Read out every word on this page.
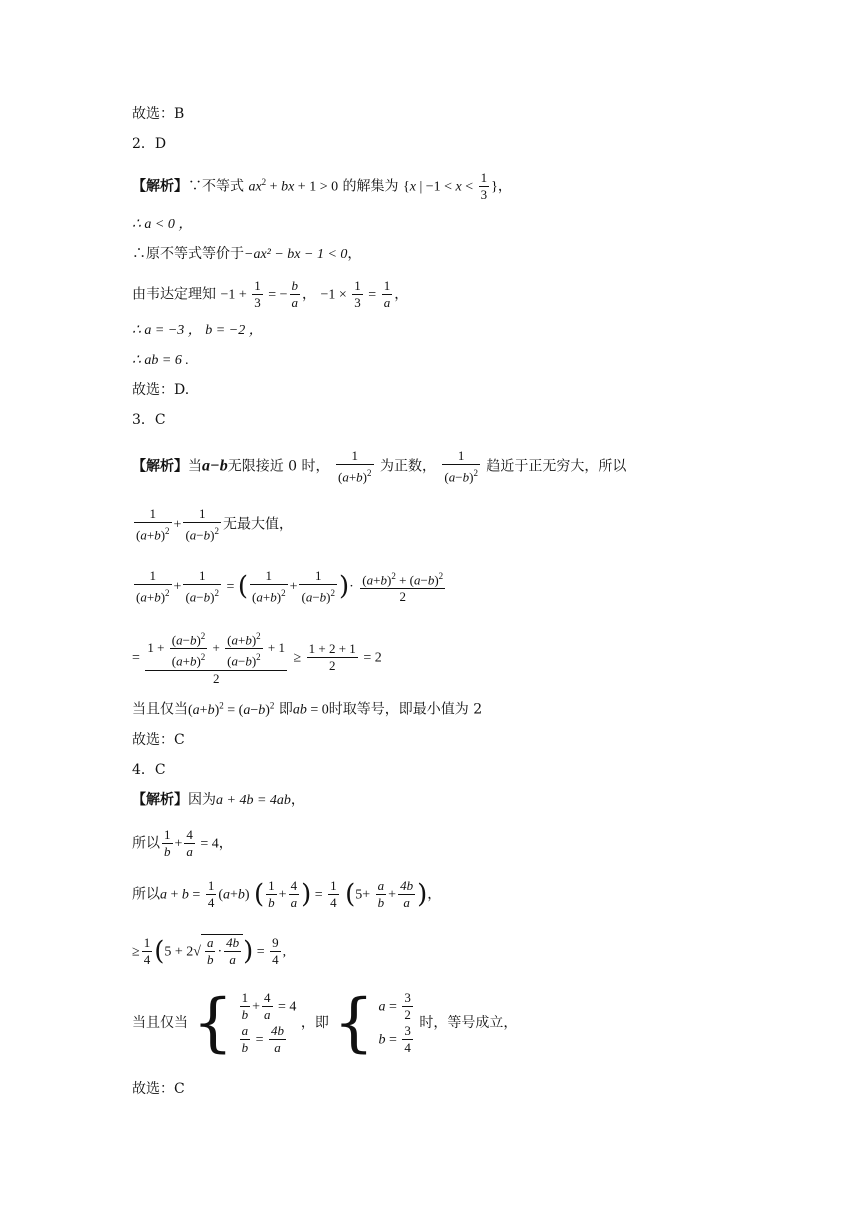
故选：B
2．D
【解析】∵不等式 $ax^2$ + bx + 1 > 0 的解集为 {x | $-1 < x < \frac{1}{3}$ }，
∴ a < 0 ，
∴原不等式等价于−ax² − bx − 1 < 0，
由韦达定理知 $-1 + \frac{1}{3}$ = − $\frac{b}{a}$ ， $-1 \times \frac{1}{3} = \frac{1}{a}$ ，
∴ a = −3 ， b = −2 ，
∴ ab = 6 .
故选：D.
3．C
【解析】当a−b无限接近 0 时， $\frac{1}{(a+b)^2}$ 为正数， $\frac{1}{(a-b)^2}$ 趋近于正无穷大，所以
$\frac{1}{(a+b)^2} + \frac{1}{(a-b)^2}$ 无最大值，
$\frac{1}{(a+b)^2} + \frac{1}{(a-b)^2}$ = ( $\frac{1}{(a+b)^2} + \frac{1}{(a-b)^2}$ )· $\frac{(a+b)^2 + (a-b)^2}{2}$
= $\frac{1 + \frac{(a-b)^2}{(a+b)^2} + \frac{(a+b)^2}{(a-b)^2} + 1}{2} \ge \frac{1 + 2 + 1}{2} = 2$
当且仅当$(a+b)^2 = (a-b)^2$ 即ab = 0时取等号，即最小值为 2
故选：C
4．C
【解析】因为a + 4b = 4ab，
所以 $\frac{1}{b} + \frac{4}{a} = 4$，
所以$a + b = \frac{1}{4} (a+b)$ ( $\frac{1}{b} + \frac{4}{a}$ ) = $\frac{1}{4} (5+ \frac{a}{b} + \frac{4b}{a}$ )，
≥ $\frac{1}{4} (5 + 2√ \frac{a}{b} \cdot \frac{4b}{a}$ ) = $\frac{9}{4}$ ,
当且仅当 { $\frac{1}{b} + \frac{4}{a} = 4$
$\frac{a}{b} = \frac{4b}{a}$ ，即 { $a = \frac{3}{2}$
$b = \frac{3}{4}$ 时，等号成立，
故选：C
